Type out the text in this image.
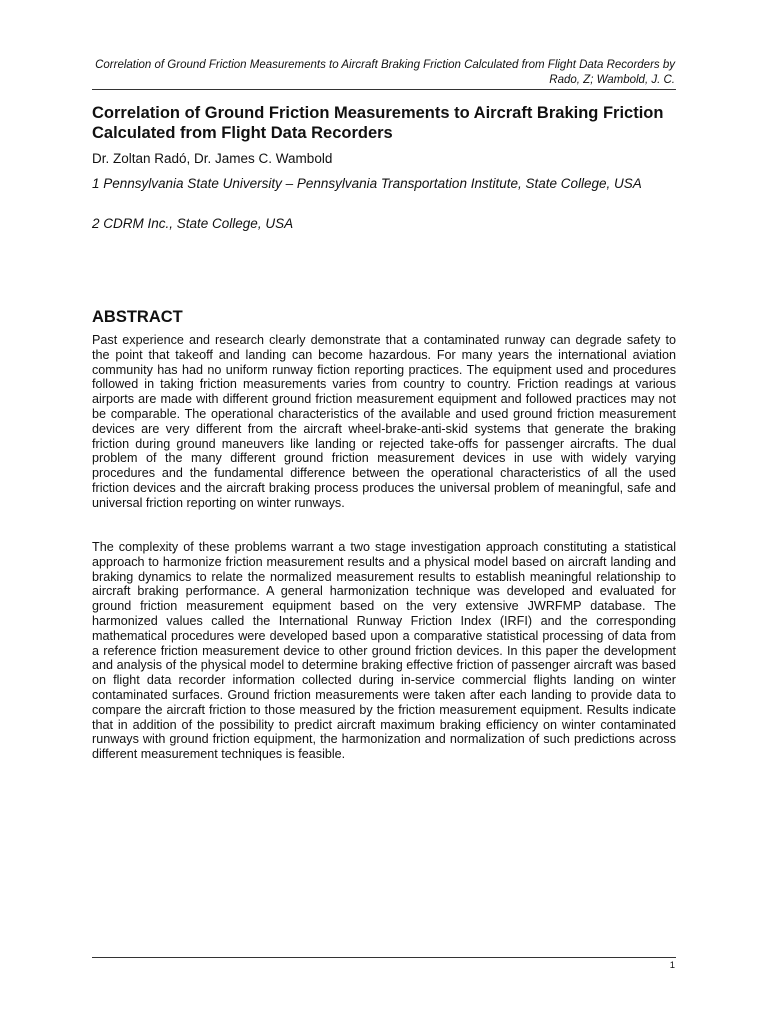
Correlation of Ground Friction Measurements to Aircraft Braking Friction Calculated from Flight Data Recorders by Rado, Z; Wambold, J. C.
Correlation of Ground Friction Measurements to Aircraft Braking Friction Calculated from Flight Data Recorders
Dr. Zoltan Radó, Dr. James C. Wambold
1 Pennsylvania State University – Pennsylvania Transportation Institute, State College, USA
2 CDRM Inc., State College, USA
ABSTRACT

Past experience and research clearly demonstrate that a contaminated runway can degrade safety to the point that takeoff and landing can become hazardous. For many years the international aviation community has had no uniform runway fiction reporting practices. The equipment used and procedures followed in taking friction measurements varies from country to country. Friction readings at various airports are made with different ground friction measurement equipment and followed practices may not be comparable. The operational characteristics of the available and used ground friction measurement devices are very different from the aircraft wheel-brake-anti-skid systems that generate the braking friction during ground maneuvers like landing or rejected take-offs for passenger aircrafts. The dual problem of the many different ground friction measurement devices in use with widely varying procedures and the fundamental difference between the operational characteristics of all the used friction devices and the aircraft braking process produces the universal problem of meaningful, safe and universal friction reporting on winter runways.

The complexity of these problems warrant a two stage investigation approach constituting a statistical approach to harmonize friction measurement results and a physical model based on aircraft landing and braking dynamics to relate the normalized measurement results to establish meaningful relationship to aircraft braking performance. A general harmonization technique was developed and evaluated for ground friction measurement equipment based on the very extensive JWRFMP database. The harmonized values called the International Runway Friction Index (IRFI) and the corresponding mathematical procedures were developed based upon a comparative statistical processing of data from a reference friction measurement device to other ground friction devices. In this paper the development and analysis of the physical model to determine braking effective friction of passenger aircraft was based on flight data recorder information collected during in-service commercial flights landing on winter contaminated surfaces. Ground friction measurements were taken after each landing to provide data to compare the aircraft friction to those measured by the friction measurement equipment. Results indicate that in addition of the possibility to predict aircraft maximum braking efficiency on winter contaminated runways with ground friction equipment, the harmonization and normalization of such predictions across different measurement techniques is feasible.

1
